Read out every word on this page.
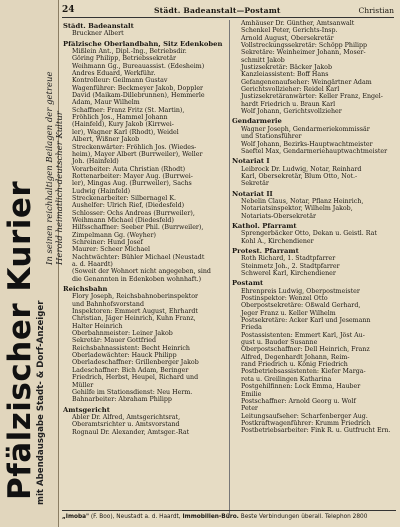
Pfälzischer Kurier
mit Abendausgabe Stadt- & Dorf-Anzeiger
In seinen reichhaltigen Beilagen der getreue Herold heimatlich-deutscher Kultur
24	Städt. Badeanstalt—Postamt	Christian

Städt. Badeanstalt

Bruckner Albert

Pfälzische Oberlandbahn, Sitz Edenkoben

Mißlein Ant., Dipl.-Ing., Betriebsdir.

Göring Philipp, Betriebssekretär

Weihmann Gg., Bureauassist. (Edesheim)

Andres Eduard, Werkführ.

Kontrolleur: Geilmann Gustav

Wagenführer: Beckmeyer Jakob, Doppler

David (Maikam-Dillebrunnen), Hemmerle

Adam, Maur Wilhelm

Schaffner: Franz Fritz (St. Martin),

Fröhlich Jos., Hammel Johann

(Hainfeld), Kury Jakob (Kirrwei-

ler), Wagner Karl (Rhodt), Weidel

Albert, Wißner Jakob

Streckenwärter: Fröhlich Jos. (Wiedes-

heim), Mayer Albert (Burrweiler), Weller

Joh. (Hainfeld)

Vorarbeiter: Auta Christian (Rhodt)

Rottenarbeiter: Mayer Aug. (Burrwei-

ler), Mingas Aug. (Burrweiler), Sachs

Ludwig (Hainfeld)

Streckenarbeiter: Silbernagel K.

Aushelfer: Ulrich Rief, (Diedesfeld)

Schlosser: Ochs Andreas (Burrweiler),

Weihmann Michael (Diedesfeld)

Hilfsschaffner: Seeber Phil. (Burrweiler),

Zimpelmann Gg. (Weyher)

Schreiner: Hund Josef

Maurer: Scheer Michael

Nachtwächter: Bühler Michael (Neustadt

a. d. Haardt)

(Soweit der Wohnort nicht angegeben, sind

die Genannten in Edenkoben wohnhaft.)

Reichsbahn

Flory Joseph, Reichsbahnoberinspektor

und Bahnhofsvorstand

Inspektoren: Emmert August, Ehrhardt

Christian, Jäger Heinrich, Kuhn Franz,

Halter Heinrich

Oberbahnmeister: Leiner Jakob

Sekretär: Mauer Gottfried

Reichsbahnassistent: Becht Heinrich

Oberladewächter: Hauck Philipp

Oberladeschaffner: Grillenberger Jakob

Ladeschaffner: Bich Adam, Beringer

Friedrich, Herbst, Heupel, Richard und

Müller

Gehilfe im Stationsdienst: Neu Herm.

Bahnarbeiter: Abraham Philipp

Amtsgericht

Abler Dr. Alfred, Amtsgerichtsrat,

Oberamtsrichter u. Amtsvorstand

Rognaul Dr. Alexander, Amtsger.-Rat

Amhäuser Dr. Günther, Amtsanwalt

Schenkel Peter, Gerichts-Insp.

Arnold August, Obersekretär

Vollstreckungssekretär: Schöpp Philipp

Sekretäre: Weinheimer Johann, Moser-

schmitt Jakob

Justizsekretär: Bäcker Jakob

Kanzleiassistent: Boff Hans

Gefangenenaufseher: Weingärtner Adam

Gerichtsvollzieher: Reidel Karl

Justizsekretäranwärter: Keller Franz, Engel-

hardt Friedrich u. Braun Karl

Wolf Johann, Gerichtsvollzieher

Gendarmerie

Wagner Joseph, Gendarmeriekommissär

und Stationsführer

Wolf Johann, Bezirks-Hauptwachtmeister

Saeftel Max, Gendarmeriehauptwachtmeister

Notariat I

Leibrock Dr. Ludwig, Notar, Reinhard

Karl, Obersekretär, Blum Otto, Not.-

Sekretär

Notariat II

Nebelin Claus, Notar, Pflanz Heinrich,

Notariatsinspektor, Wilhelm Jakob,

Notariats-Obersekretär

Kathol. Pfarramt

Sprengerbäcker Otto, Dekan u. Geistl. Rat

Kohl A., Kirchendiener

Protest. Pfarramt

Roth Richard, 1. Stadtpfarrer

Steinmetz Joh., 2. Stadtpfarrer

Schwerel Karl, Kirchendiener

Postamt

Ehrenpreis Ludwig, Oberpostmeister

Postinspektor: Wenzel Otto

Oberpostsekretäre: Oßwald Gerhard,

Jeger Franz u. Keller Wilhelm

Postsekretäre: Acker Karl und Jesemann

Frieda

Postassistenten: Emmert Karl, Jöst Au-

gust u. Bauder Susanne

Oberpostschaffner: Dell Heinrich, Franz

Alfred, Degenhardt Johann, Reim-

rand Friedrich u. König Friedrich

Postbetriebsassistenten: Kiefer Marga-

reta u. Greilingen Katharina

Postgehilfinnen: Lock Emma, Hauber

Emilie

Postschaffner: Arnold Georg u. Wolf

Peter

Leitungsaufseher: Scharfenberger Aug.

Postkraftwagenführer: Krumm Friedrich

Postbetriebsarbeiter: Fink R. u. Gutfrucht Ern.

„Imoba" (F. Boo), Neustadt a. d. Haardt, Immobilien-Büro. Beste Verbindungen überall. Telephon 2800
